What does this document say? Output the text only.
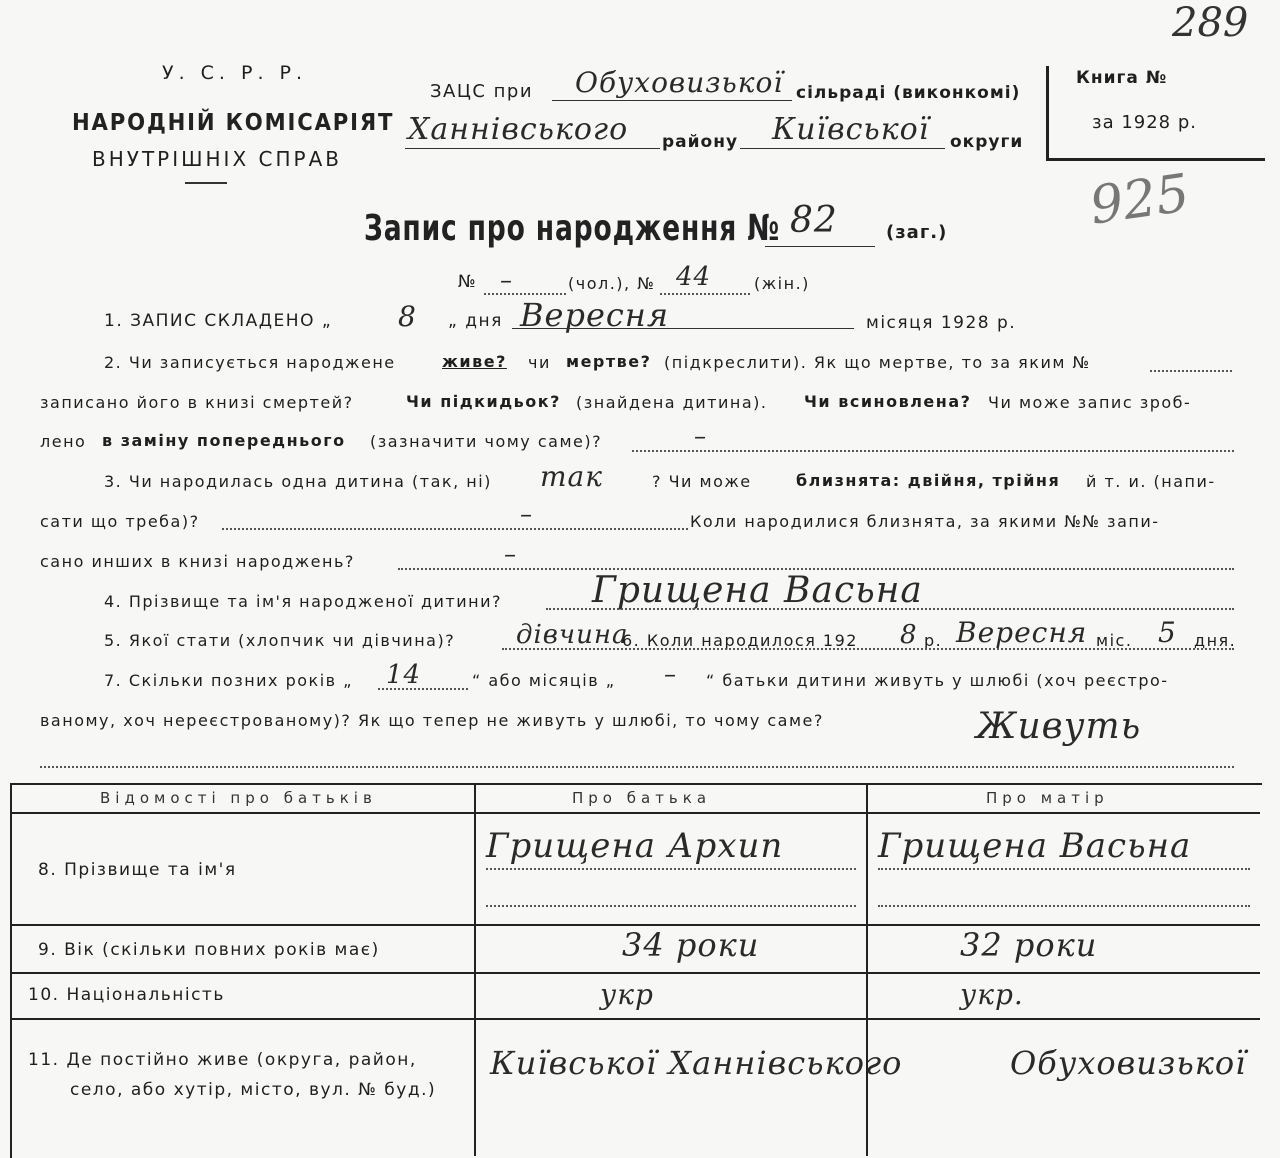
289
925
У. С. Р. Р.
НАРОДНІЙ КОМІСАРІЯТ
ВНУТРІШНІХ СПРАВ
ЗАЦС при Обуховизької сільраді (виконкомі)
Ханнівського району Київської округи
Книга №
за 1928 р.
Запис про народження № 82	(заг.)
№ –	(чол.), № 44	(жін.)
1. ЗАПИС СКЛАДЕНО „ 8 „ дня Вересня	місяця 1928 р.
2. Чи записується народжене	живе? чи мертве? (підкреслити). Як що мертве, то за яким №
записано його в книзі смертей?	Чи підкидьок? (знайдена дитина). Чи всиновлена? Чи може запис зроб-
лено в заміну попереднього (зазначити чому саме)?	–
3. Чи народилась одна дитина (так, ні) так	? Чи може	близнята: двійня, трійня й т. и. (напи-
сати що треба)?	–	Коли народилися близнята, за якими №№ запи-
сано инших в книзі народжень?	–
4. Прізвище та ім'я народженої дитини?	Грищена Васьна
5. Якої стати (хлопчик чи дівчина)? дівчина
6. Коли народилося 192 8 р. Вересня міс. 5 дня.
7. Скільки позних років „ 14	“ або місяців „ – “ батьки дитини живуть у шлюбі (хоч реєстро-
ваному, хоч нереєстрованому)? Як що тепер не живуть у шлюбі, то чому саме?	Живуть
Відомості про батьків	Про батька	Про матір
8. Прізвище та ім'я
Грищена Архип	Грищена Васьна
9. Вік (скільки повних років має)	34 роки	32 роки
10. Національність	укр	укр.
11. Де постійно живе (округа, район,
село, або хутір, місто, вул. № буд.)
Київської Ханнівського	Обуховизької
